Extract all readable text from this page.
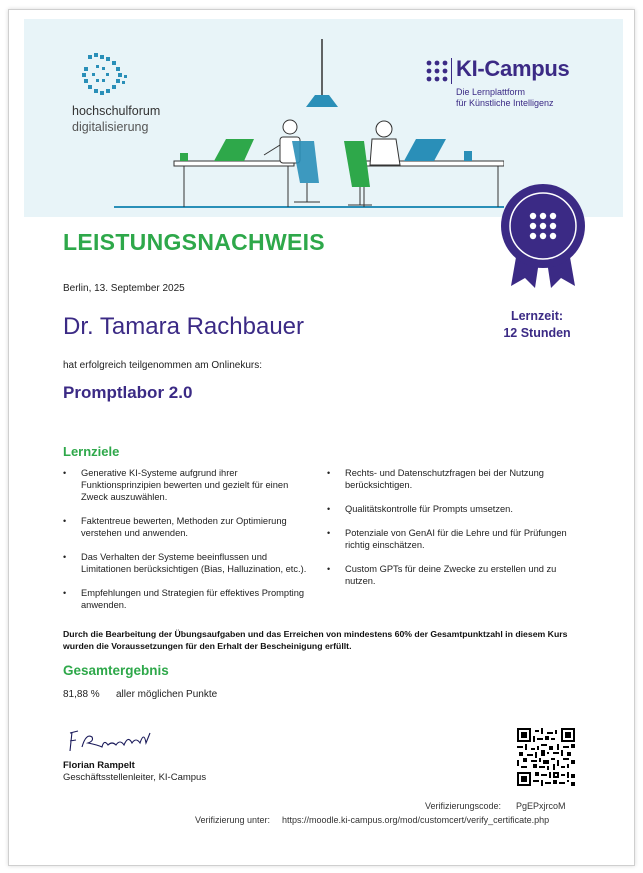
hochschulforum
digitalisierung
KI-Campus
Die Lernplattform
für Künstliche Intelligenz
LEISTUNGSNACHWEIS
Berlin, 13. September 2025
Dr. Tamara Rachbauer	Lernzeit:
12 Stunden
hat erfolgreich teilgenommen am Onlinekurs:
Promptlabor 2.0
Lernziele
• Generative KI-Systeme aufgrund ihrer Funktionsprinzipien bewerten und gezielt für einen Zweck auszuwählen.
• Faktentreue bewerten, Methoden zur Optimierung verstehen und anwenden.
• Das Verhalten der Systeme beeinflussen und Limitationen berücksichtigen (Bias, Halluzination, etc.).
• Empfehlungen und Strategien für effektives Prompting anwenden.
• Rechts- und Datenschutzfragen bei der Nutzung berücksichtigen.
• Qualitätskontrolle für Prompts umsetzen.
• Potenziale von GenAI für die Lehre und für Prüfungen richtig einschätzen.
• Custom GPTs für deine Zwecke zu erstellen und zu nutzen.
Durch die Bearbeitung der Übungsaufgaben und das Erreichen von mindestens 60% der Gesamtpunktzahl in diesem Kurs wurden die Voraussetzungen für den Erhalt der Bescheinigung erfüllt.
Gesamtergebnis
81,88 % aller möglichen Punkte
Florian Rampelt
Geschäftsstellenleiter, KI-Campus
Verifizierungscode: PgEPxjrcoM
Verifizierung unter: https://moodle.ki-campus.org/mod/customcert/verify_certificate.php
